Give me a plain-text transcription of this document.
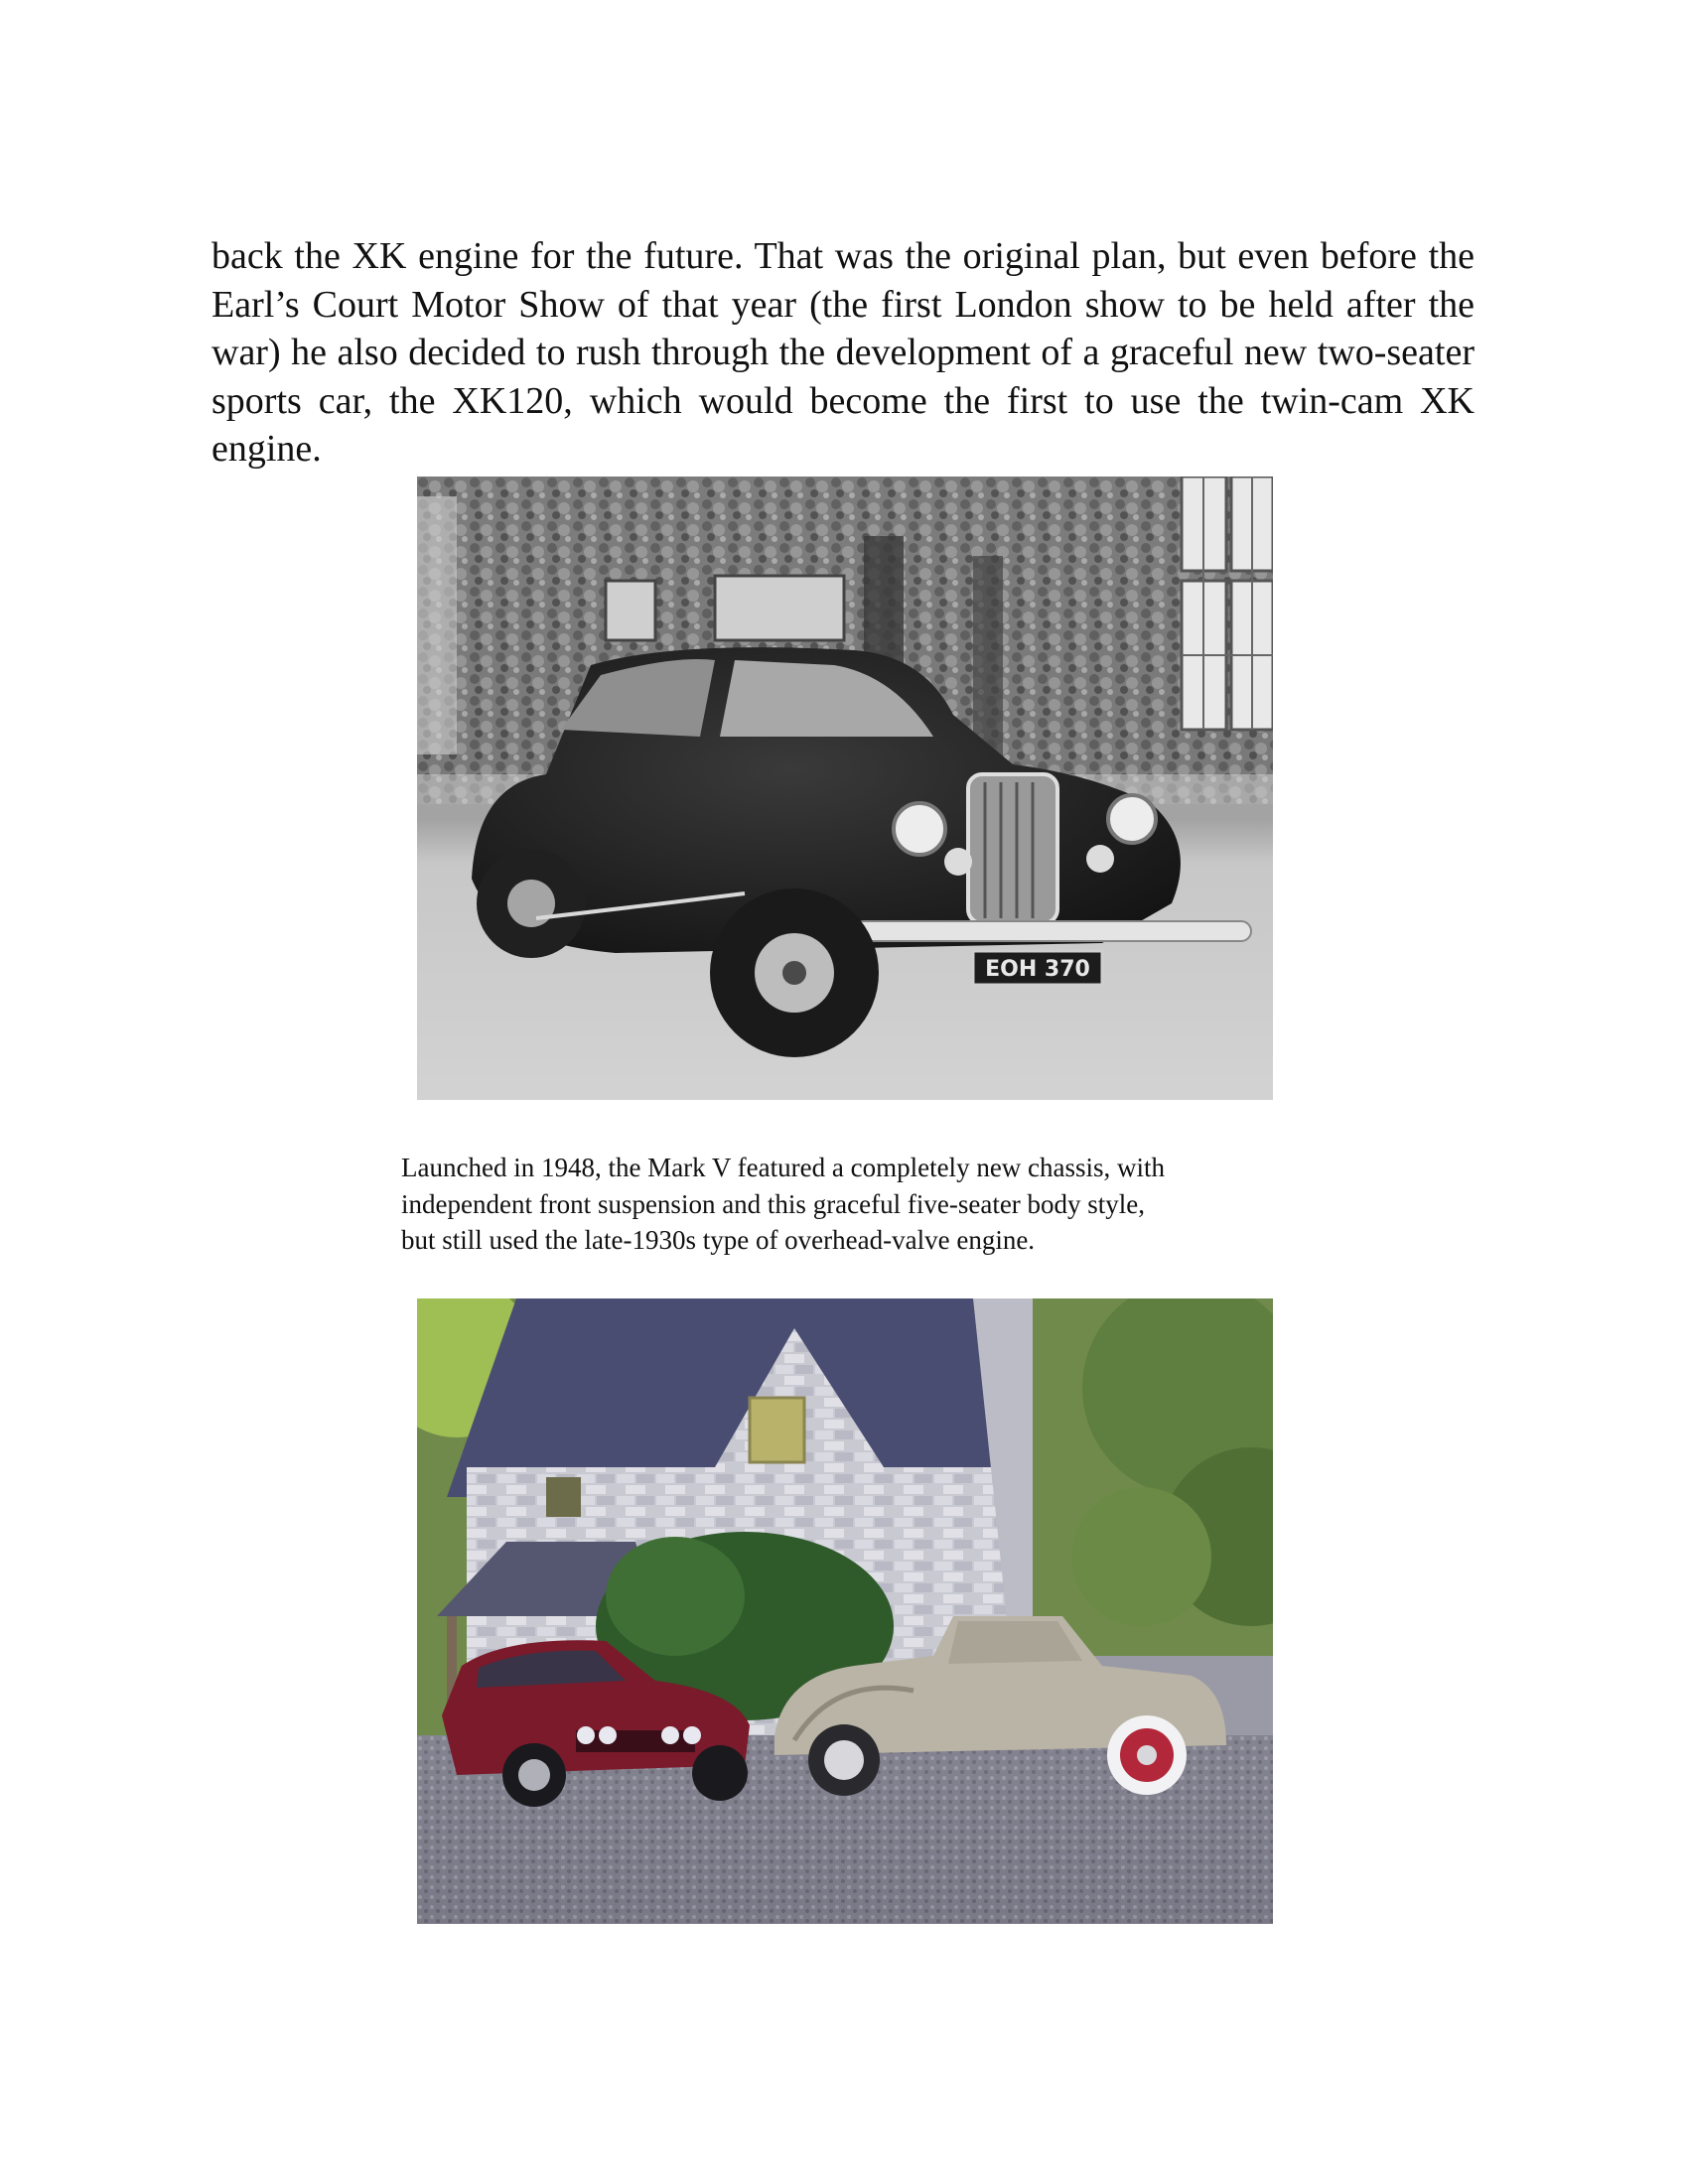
back the XK engine for the future. That was the original plan, but even before the Earl’s Court Motor Show of that year (the first London show to be held after the war) he also decided to rush through the development of a graceful new two-seater sports car, the XK120, which would become the first to use the twin-cam XK engine.

EOH 370
Launched in 1948, the Mark V featured a completely new chassis, with
independent front suspension and this graceful five-seater body style,
but still used the late-1930s type of overhead-valve engine.
